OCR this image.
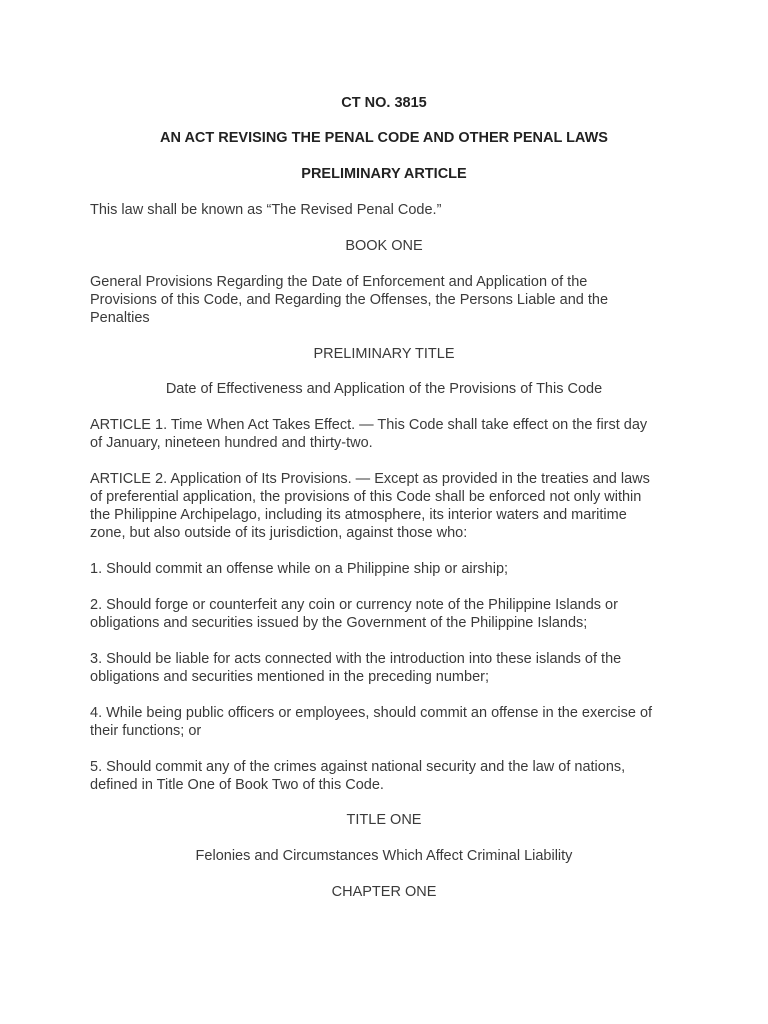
CT NO. 3815

AN ACT REVISING THE PENAL CODE AND OTHER PENAL LAWS

PRELIMINARY ARTICLE

This law shall be known as “The Revised Penal Code.”

BOOK ONE

General Provisions Regarding the Date of Enforcement and Application of the

Provisions of this Code, and Regarding the Offenses, the Persons Liable and the

Penalties

PRELIMINARY TITLE

Date of Effectiveness and Application of the Provisions of This Code

ARTICLE 1. Time When Act Takes Effect. — This Code shall take effect on the first day

of January, nineteen hundred and thirty-two.

ARTICLE 2. Application of Its Provisions. — Except as provided in the treaties and laws

of preferential application, the provisions of this Code shall be enforced not only within

the Philippine Archipelago, including its atmosphere, its interior waters and maritime

zone, but also outside of its jurisdiction, against those who:

1. Should commit an offense while on a Philippine ship or airship;

2. Should forge or counterfeit any coin or currency note of the Philippine Islands or

obligations and securities issued by the Government of the Philippine Islands;

3. Should be liable for acts connected with the introduction into these islands of the

obligations and securities mentioned in the preceding number;

4. While being public officers or employees, should commit an offense in the exercise of

their functions; or

5. Should commit any of the crimes against national security and the law of nations,

defined in Title One of Book Two of this Code.

TITLE ONE

Felonies and Circumstances Which Affect Criminal Liability

CHAPTER ONE
